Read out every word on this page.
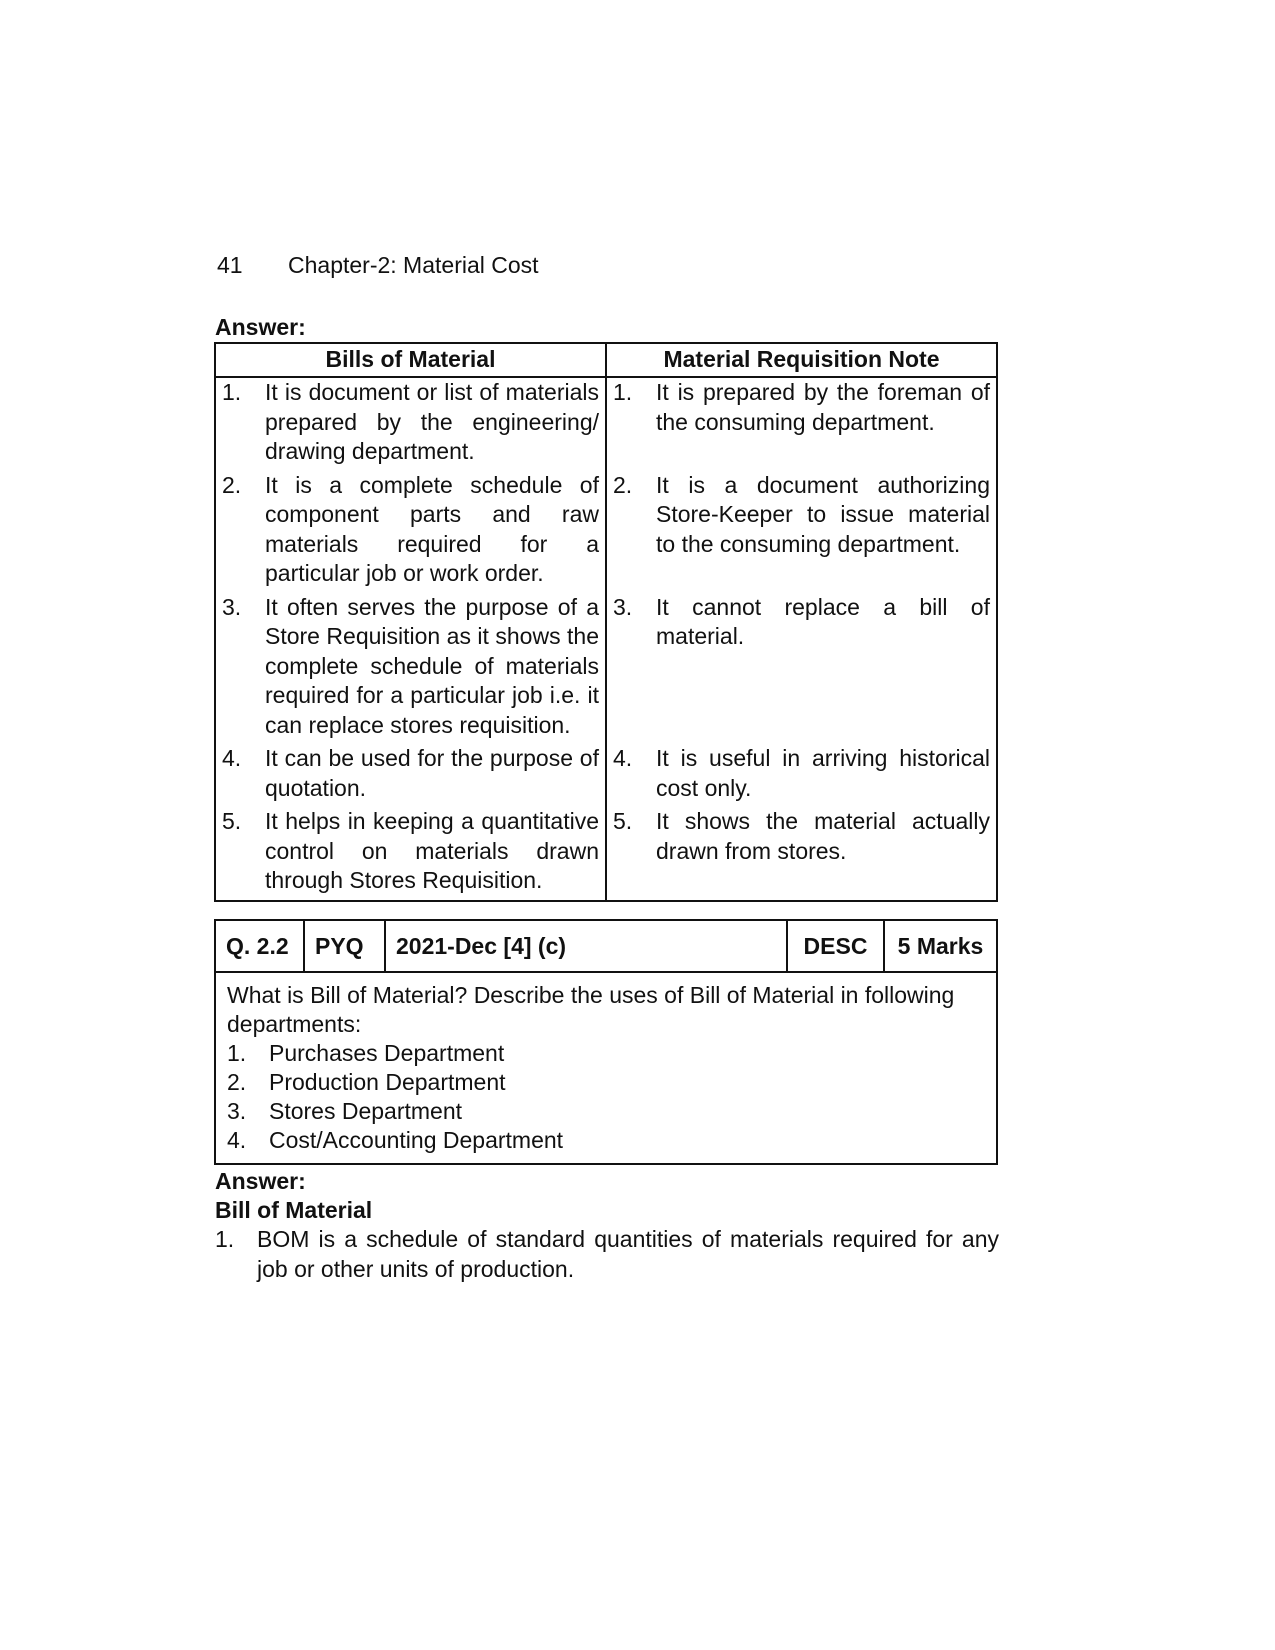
41	Chapter-2: Material Cost
Answer:
Bills of Material	Material Requisition Note

1. It is document or list of materials prepared by the engineering/ drawing department.	1. It is prepared by the foreman of the consuming department.

2. It is a complete schedule of component parts and raw materials required for a particular job or work order.	2. It is a document authorizing Store-Keeper to issue material to the consuming department.

3. It often serves the purpose of a Store Requisition as it shows the complete schedule of materials required for a particular job i.e. it can replace stores requisition.	3. It cannot replace a bill of material.

4. It can be used for the purpose of quotation.	4. It is useful in arriving historical cost only.

5. It helps in keeping a quantitative control on materials drawn through Stores Requisition.	5. It shows the material actually drawn from stores.
Q. 2.2	PYQ	2021-Dec [4] (c)	DESC	5 Marks
What is Bill of Material? Describe the uses of Bill of Material in following departments:
1. Purchases Department
2. Production Department
3. Stores Department
4. Cost/Accounting Department
Answer:
Bill of Material
1. BOM is a schedule of standard quantities of materials required for any job or other units of production.
